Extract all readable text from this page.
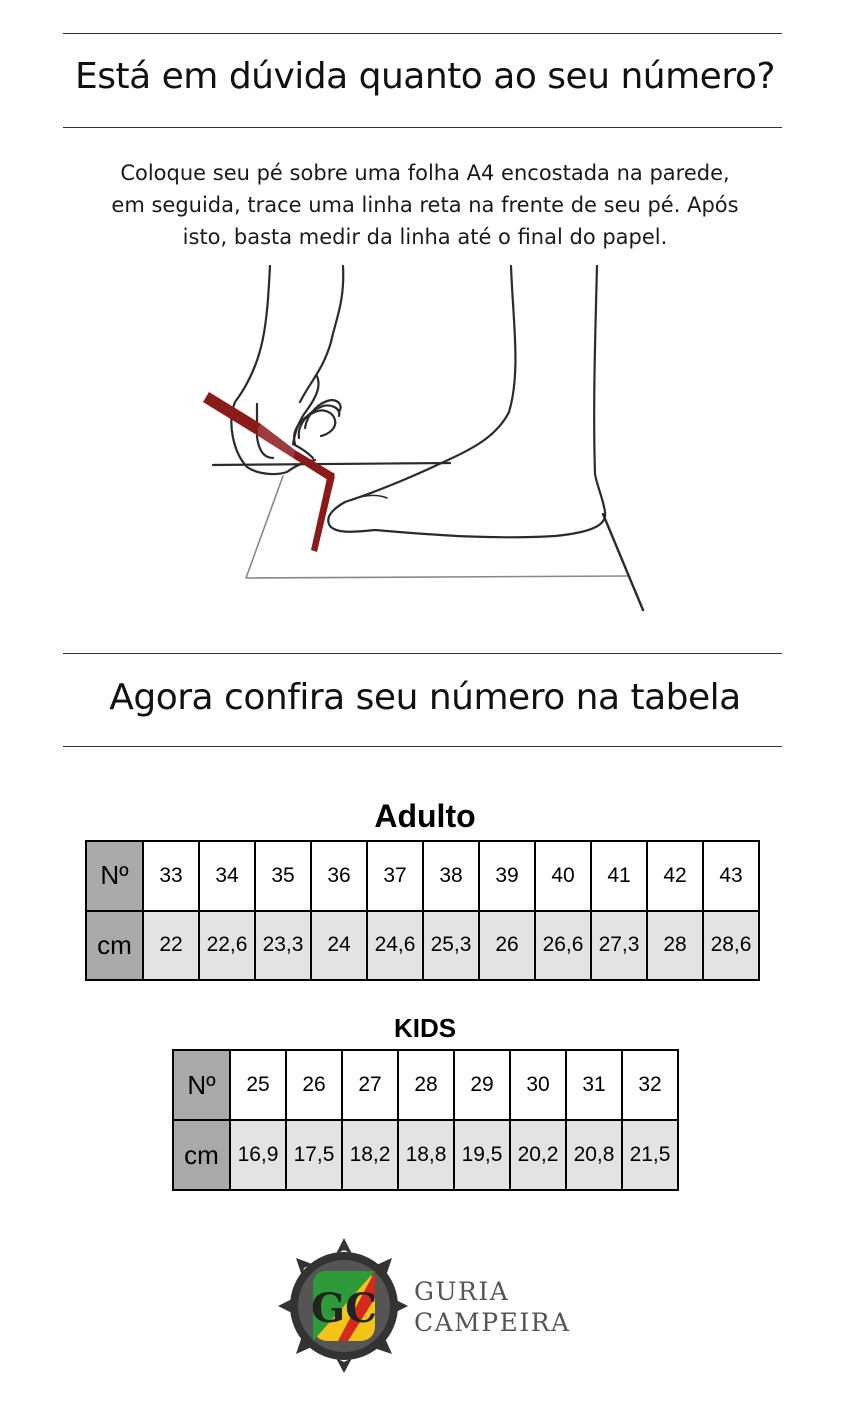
Está em dúvida quanto ao seu número?
Coloque seu pé sobre uma folha A4 encostada na parede,
em seguida, trace uma linha reta na frente de seu pé. Após
isto, basta medir da linha até o final do papel.
Agora confira seu número na tabela
Adulto
Nº	33	34	35	36	37	38	39	40	41	42	43
cm	22	22,6	23,3	24	24,6	25,3	26	26,6	27,3	28	28,6
KIDS
Nº	25	26	27	28	29	30	31	32
cm	16,9	17,5	18,2	18,8	19,5	20,2	20,8	21,5
GC GURIA
CAMPEIRA
